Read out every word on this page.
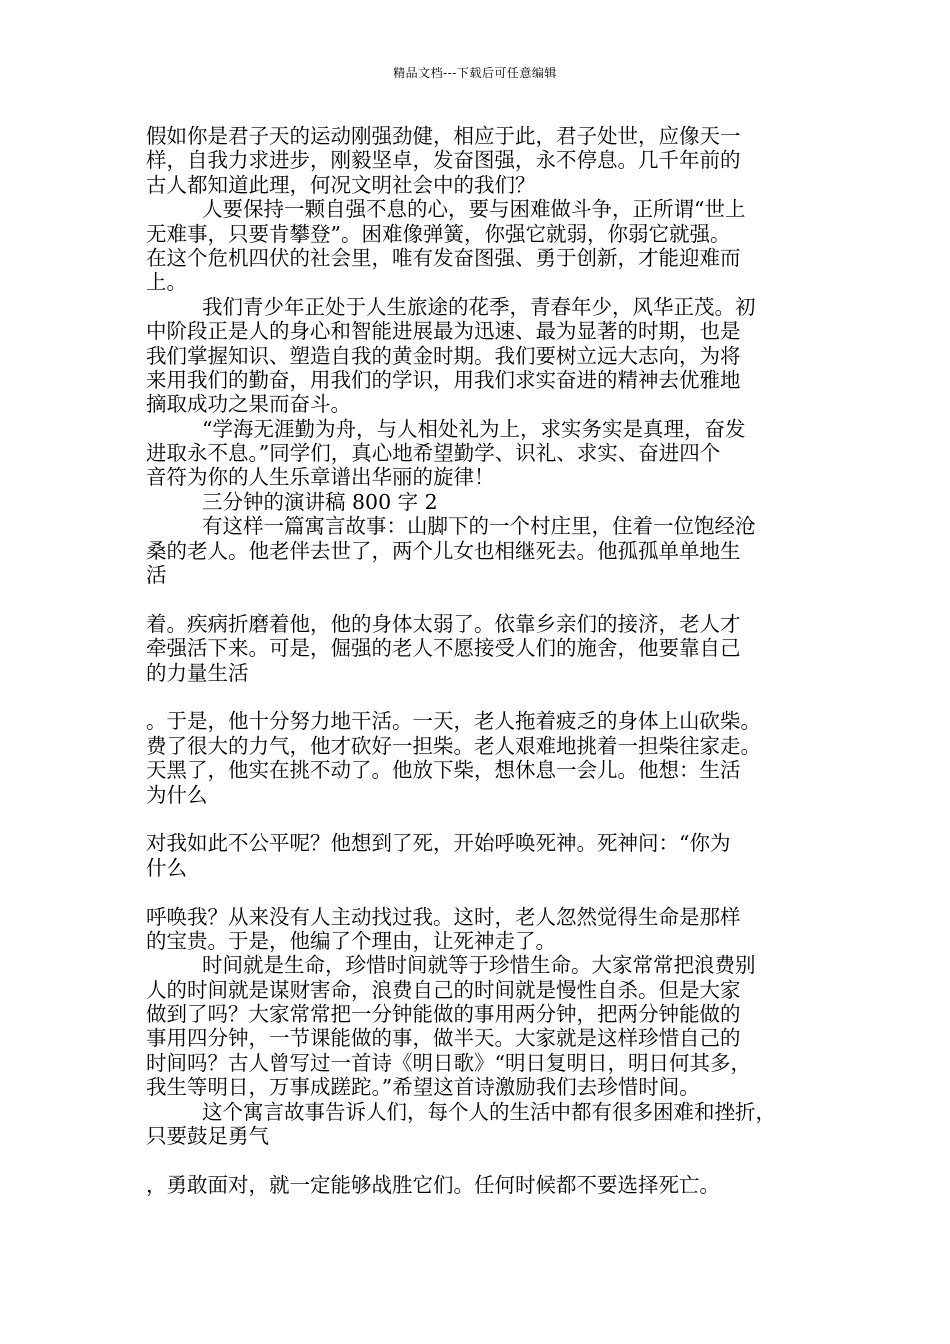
精品文档---下载后可任意编辑
假如你是君子天的运动刚强劲健，相应于此，君子处世，应像天一
样，自我力求进步，刚毅坚卓，发奋图强，永不停息。几千年前的
古人都知道此理，何况文明社会中的我们？
人要保持一颗自强不息的心，要与困难做斗争，正所谓“世上
无难事，只要肯攀登”。困难像弹簧，你强它就弱，你弱它就强。
在这个危机四伏的社会里，唯有发奋图强、勇于创新，才能迎难而
上。
我们青少年正处于人生旅途的花季，青春年少，风华正茂。初
中阶段正是人的身心和智能进展最为迅速、最为显著的时期，也是
我们掌握知识、塑造自我的黄金时期。我们要树立远大志向，为将
来用我们的勤奋，用我们的学识，用我们求实奋进的精神去优雅地
摘取成功之果而奋斗。
“学海无涯勤为舟，与人相处礼为上，求实务实是真理，奋发
进取永不息。”同学们，真心地希望勤学、识礼、求实、奋进四个
音符为你的人生乐章谱出华丽的旋律！
三分钟的演讲稿 800 字 2
有这样一篇寓言故事：山脚下的一个村庄里，住着一位饱经沧
桑的老人。他老伴去世了，两个儿女也相继死去。他孤孤单单地生
活
着。疾病折磨着他，他的身体太弱了。依靠乡亲们的接济，老人才
牵强活下来。可是，倔强的老人不愿接受人们的施舍，他要靠自己
的力量生活
。于是，他十分努力地干活。一天，老人拖着疲乏的身体上山砍柴。
费了很大的力气，他才砍好一担柴。老人艰难地挑着一担柴往家走。
天黑了，他实在挑不动了。他放下柴，想休息一会儿。他想：生活
为什么
对我如此不公平呢？他想到了死，开始呼唤死神。死神问：“你为
什么
呼唤我？从来没有人主动找过我。这时，老人忽然觉得生命是那样
的宝贵。于是，他编了个理由，让死神走了。
时间就是生命，珍惜时间就等于珍惜生命。大家常常把浪费别
人的时间就是谋财害命，浪费自己的时间就是慢性自杀。但是大家
做到了吗？大家常常把一分钟能做的事用两分钟，把两分钟能做的
事用四分钟，一节课能做的事，做半天。大家就是这样珍惜自己的
时间吗？古人曾写过一首诗《明日歌》“明日复明日，明日何其多，
我生等明日，万事成蹉跎。”希望这首诗激励我们去珍惜时间。
这个寓言故事告诉人们，每个人的生活中都有很多困难和挫折，
只要鼓足勇气
，勇敢面对，就一定能够战胜它们。任何时候都不要选择死亡。
